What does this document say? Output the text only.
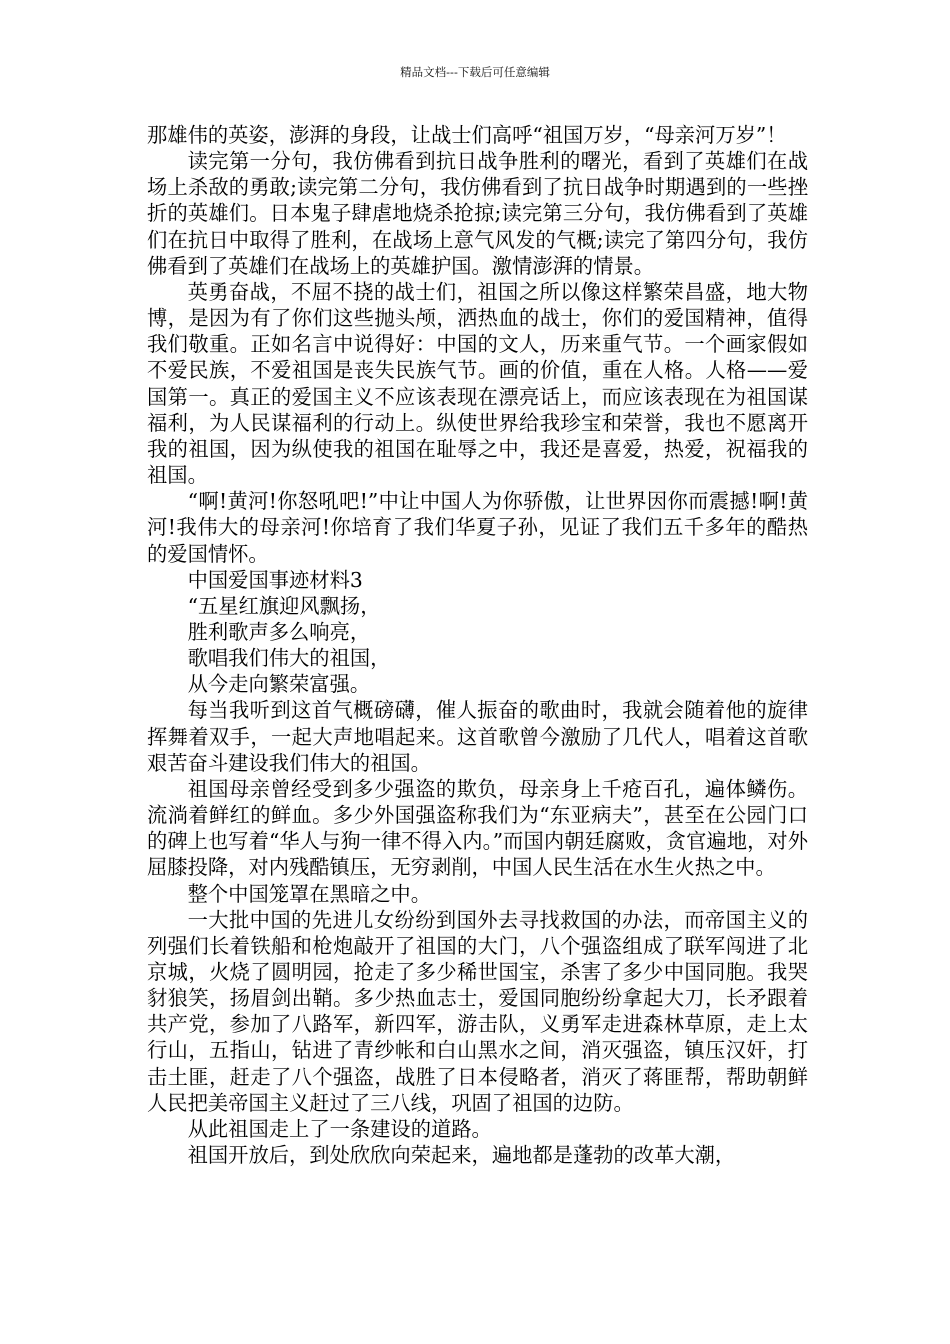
精品文档---下载后可任意编辑

那雄伟的英姿，澎湃的身段，让战士们高呼“祖国万岁，“母亲河万岁”！

读完第一分句，我仿佛看到抗日战争胜利的曙光，看到了英雄们在战场上杀敌的勇敢;读完第二分句，我仿佛看到了抗日战争时期遇到的一些挫折的英雄们。日本鬼子肆虐地烧杀抢掠;读完第三分句，我仿佛看到了英雄们在抗日中取得了胜利，在战场上意气风发的气概;读完了第四分句，我仿佛看到了英雄们在战场上的英雄护国。激情澎湃的情景。

英勇奋战，不屈不挠的战士们，祖国之所以像这样繁荣昌盛，地大物博，是因为有了你们这些抛头颅，洒热血的战士，你们的爱国精神，值得我们敬重。正如名言中说得好：中国的文人，历来重气节。一个画家假如不爱民族，不爱祖国是丧失民族气节。画的价值，重在人格。人格——爱国第一。真正的爱国主义不应该表现在漂亮话上，而应该表现在为祖国谋福利，为人民谋福利的行动上。纵使世界给我珍宝和荣誉，我也不愿离开我的祖国，因为纵使我的祖国在耻辱之中，我还是喜爱，热爱，祝福我的祖国。

“啊!黄河!你怒吼吧!”中让中国人为你骄傲，让世界因你而震撼!啊!黄河!我伟大的母亲河!你培育了我们华夏子孙，见证了我们五千多年的酷热的爱国情怀。

中国爱国事迹材料3

“五星红旗迎风飘扬，

胜利歌声多么响亮，

歌唱我们伟大的祖国，

从今走向繁荣富强。

每当我听到这首气概磅礴，催人振奋的歌曲时，我就会随着他的旋律挥舞着双手，一起大声地唱起来。这首歌曾今激励了几代人，唱着这首歌艰苦奋斗建设我们伟大的祖国。

祖国母亲曾经受到多少强盗的欺负，母亲身上千疮百孔，遍体鳞伤。流淌着鲜红的鲜血。多少外国强盗称我们为“东亚病夫”，甚至在公园门口的碑上也写着“华人与狗一律不得入内。”而国内朝廷腐败，贪官遍地，对外屈膝投降，对内残酷镇压，无穷剥削，中国人民生活在水生火热之中。

整个中国笼罩在黑暗之中。

一大批中国的先进儿女纷纷到国外去寻找救国的办法，而帝国主义的列强们长着铁船和枪炮敲开了祖国的大门，八个强盗组成了联军闯进了北京城，火烧了圆明园，抢走了多少稀世国宝，杀害了多少中国同胞。我哭豺狼笑，扬眉剑出鞘。多少热血志士，爱国同胞纷纷拿起大刀，长矛跟着共产党，参加了八路军，新四军，游击队，义勇军走进森林草原，走上太行山，五指山，钻进了青纱帐和白山黑水之间，消灭强盗，镇压汉奸，打击土匪，赶走了八个强盗，战胜了日本侵略者，消灭了蒋匪帮，帮助朝鲜人民把美帝国主义赶过了三八线，巩固了祖国的边防。

从此祖国走上了一条建设的道路。

祖国开放后，到处欣欣向荣起来，遍地都是蓬勃的改革大潮，
